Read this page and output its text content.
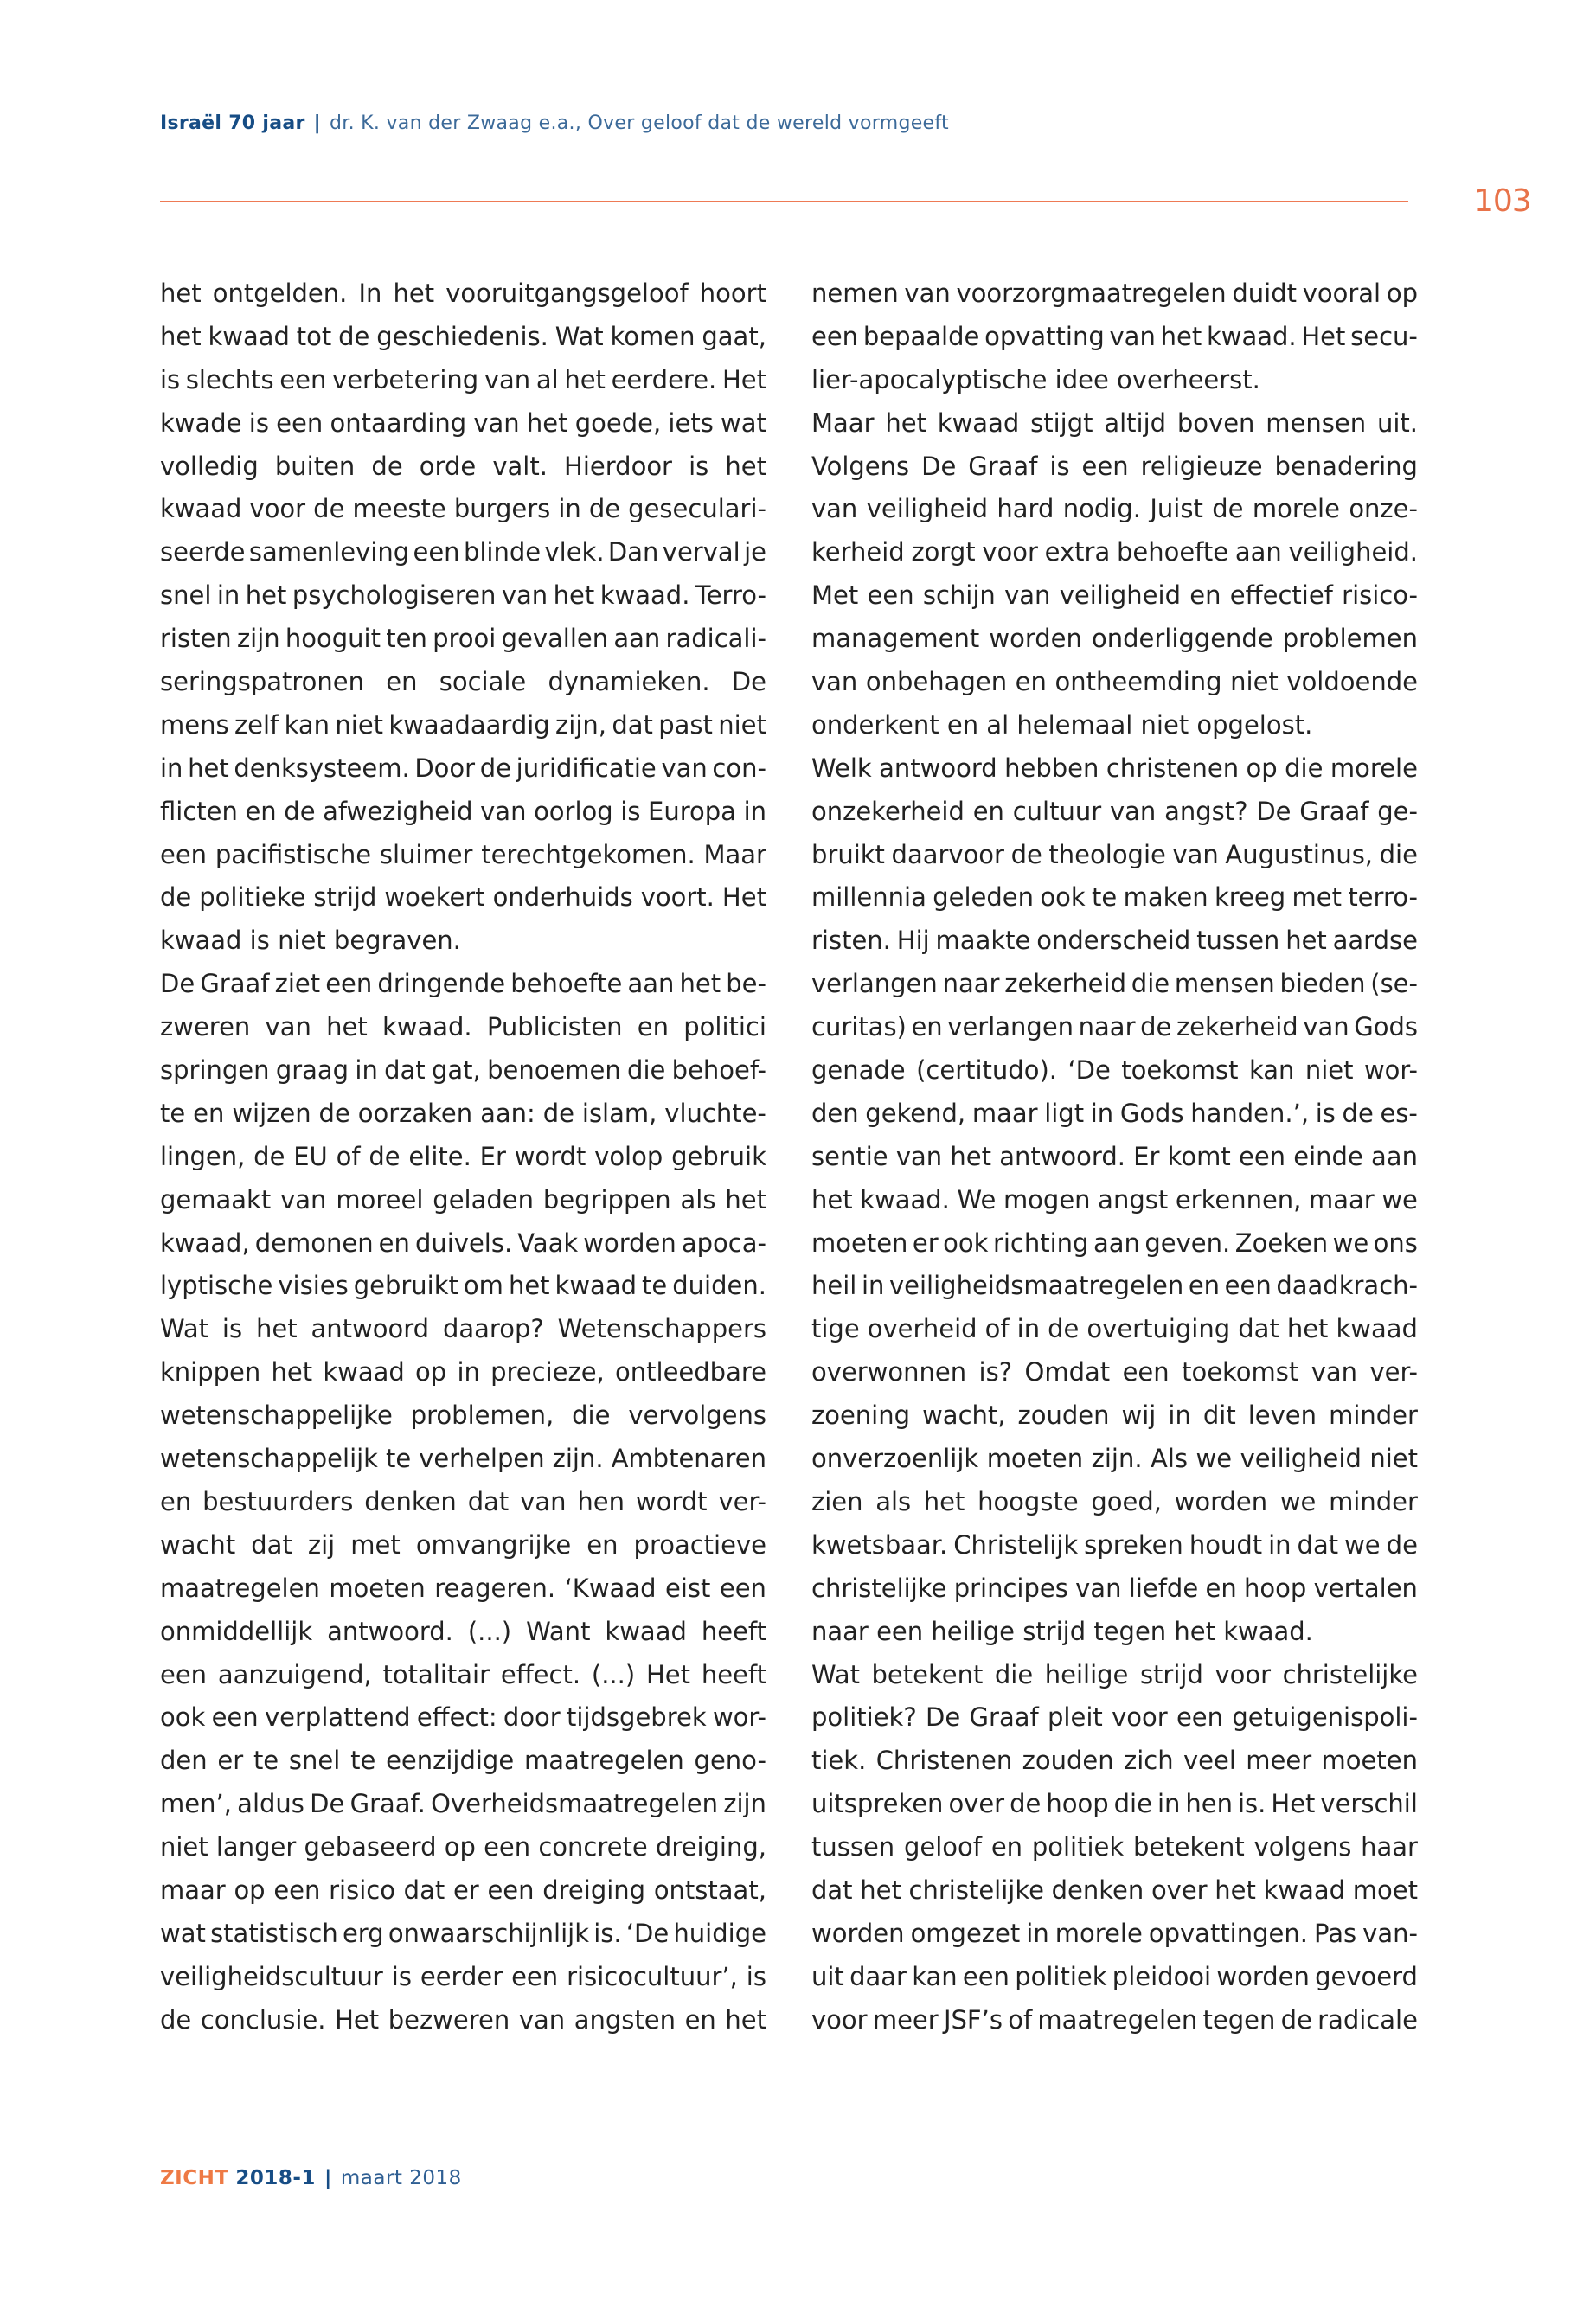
Israël 70 jaar | dr. K. van der Zwaag e.a., Over geloof dat de wereld vormgeeft
103
het ontgelden. In het vooruitgangsgeloof hoort
het kwaad tot de geschiedenis. Wat komen gaat,
is slechts een verbetering van al het eerdere. Het
kwade is een ontaarding van het goede, iets wat
volledig buiten de orde valt. Hierdoor is het
kwaad voor de meeste burgers in de geseculari-
seerde samenleving een blinde vlek. Dan verval je
snel in het psychologiseren van het kwaad. Terro-
risten zijn hooguit ten prooi gevallen aan radicali-
seringspatronen en sociale dynamieken. De
mens zelf kan niet kwaadaardig zijn, dat past niet
in het denksysteem. Door de juridificatie van con-
flicten en de afwezigheid van oorlog is Europa in
een pacifistische sluimer terechtgekomen. Maar
de politieke strijd woekert onderhuids voort. Het
kwaad is niet begraven.
De Graaf ziet een dringende behoefte aan het be-
zweren van het kwaad. Publicisten en politici
springen graag in dat gat, benoemen die behoef-
te en wijzen de oorzaken aan: de islam, vluchte-
lingen, de EU of de elite. Er wordt volop gebruik
gemaakt van moreel geladen begrippen als het
kwaad, demonen en duivels. Vaak worden apoca-
lyptische visies gebruikt om het kwaad te duiden.
Wat is het antwoord daarop? Wetenschappers
knippen het kwaad op in precieze, ontleedbare
wetenschappelijke problemen, die vervolgens
wetenschappelijk te verhelpen zijn. Ambtenaren
en bestuurders denken dat van hen wordt ver-
wacht dat zij met omvangrijke en proactieve
maatregelen moeten reageren. ‘Kwaad eist een
onmiddellijk antwoord. (...) Want kwaad heeft
een aanzuigend, totalitair effect. (...) Het heeft
ook een verplattend effect: door tijdsgebrek wor-
den er te snel te eenzijdige maatregelen geno-
men’, aldus De Graaf. Overheidsmaatregelen zijn
niet langer gebaseerd op een concrete dreiging,
maar op een risico dat er een dreiging ontstaat,
wat statistisch erg onwaarschijnlijk is. ‘De huidige
veiligheidscultuur is eerder een risicocultuur’, is
de conclusie. Het bezweren van angsten en het
nemen van voorzorgmaatregelen duidt vooral op
een bepaalde opvatting van het kwaad. Het secu-
lier-apocalyptische idee overheerst.
Maar het kwaad stijgt altijd boven mensen uit.
Volgens De Graaf is een religieuze benadering
van veiligheid hard nodig. Juist de morele onze-
kerheid zorgt voor extra behoefte aan veiligheid.
Met een schijn van veiligheid en effectief risico-
management worden onderliggende problemen
van onbehagen en ontheemding niet voldoende
onderkent en al helemaal niet opgelost.
Welk antwoord hebben christenen op die morele
onzekerheid en cultuur van angst? De Graaf ge-
bruikt daarvoor de theologie van Augustinus, die
millennia geleden ook te maken kreeg met terro-
risten. Hij maakte onderscheid tussen het aardse
verlangen naar zekerheid die mensen bieden (se-
curitas) en verlangen naar de zekerheid van Gods
genade (certitudo). ‘De toekomst kan niet wor-
den gekend, maar ligt in Gods handen.’, is de es-
sentie van het antwoord. Er komt een einde aan
het kwaad. We mogen angst erkennen, maar we
moeten er ook richting aan geven. Zoeken we ons
heil in veiligheidsmaatregelen en een daadkrach-
tige overheid of in de overtuiging dat het kwaad
overwonnen is? Omdat een toekomst van ver-
zoening wacht, zouden wij in dit leven minder
onverzoenlijk moeten zijn. Als we veiligheid niet
zien als het hoogste goed, worden we minder
kwetsbaar. Christelijk spreken houdt in dat we de
christelijke principes van liefde en hoop vertalen
naar een heilige strijd tegen het kwaad.
Wat betekent die heilige strijd voor christelijke
politiek? De Graaf pleit voor een getuigenispoli-
tiek. Christenen zouden zich veel meer moeten
uitspreken over de hoop die in hen is. Het verschil
tussen geloof en politiek betekent volgens haar
dat het christelijke denken over het kwaad moet
worden omgezet in morele opvattingen. Pas van-
uit daar kan een politiek pleidooi worden gevoerd
voor meer JSF’s of maatregelen tegen de radicale
ZICHT 2018-1 | maart 2018
